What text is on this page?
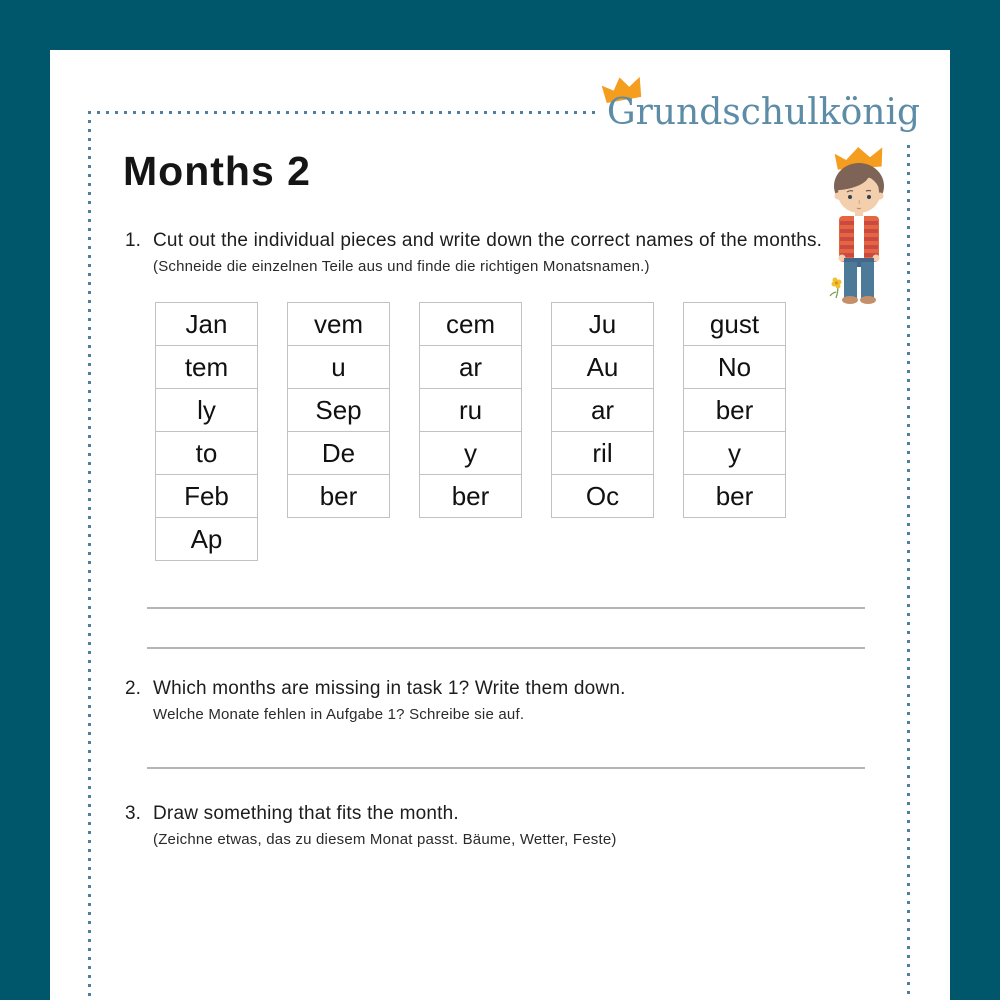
Grundschulkönig
Months 2
1. Cut out the individual pieces and write down the correct names of the months.
(Schneide die einzelnen Teile aus und finde die richtigen Monatsnamen.)
Jan
tem
ly
to
Feb
Ap
vem
u
Sep
De
ber
cem
ar
ru
y
ber
Ju
Au
ar
ril
Oc
gust
No
ber
y
ber
2. Which months are missing in task 1? Write them down.
Welche Monate fehlen in Aufgabe 1? Schreibe sie auf.
3. Draw something that fits the month.
(Zeichne etwas, das zu diesem Monat passt. Bäume, Wetter, Feste)
